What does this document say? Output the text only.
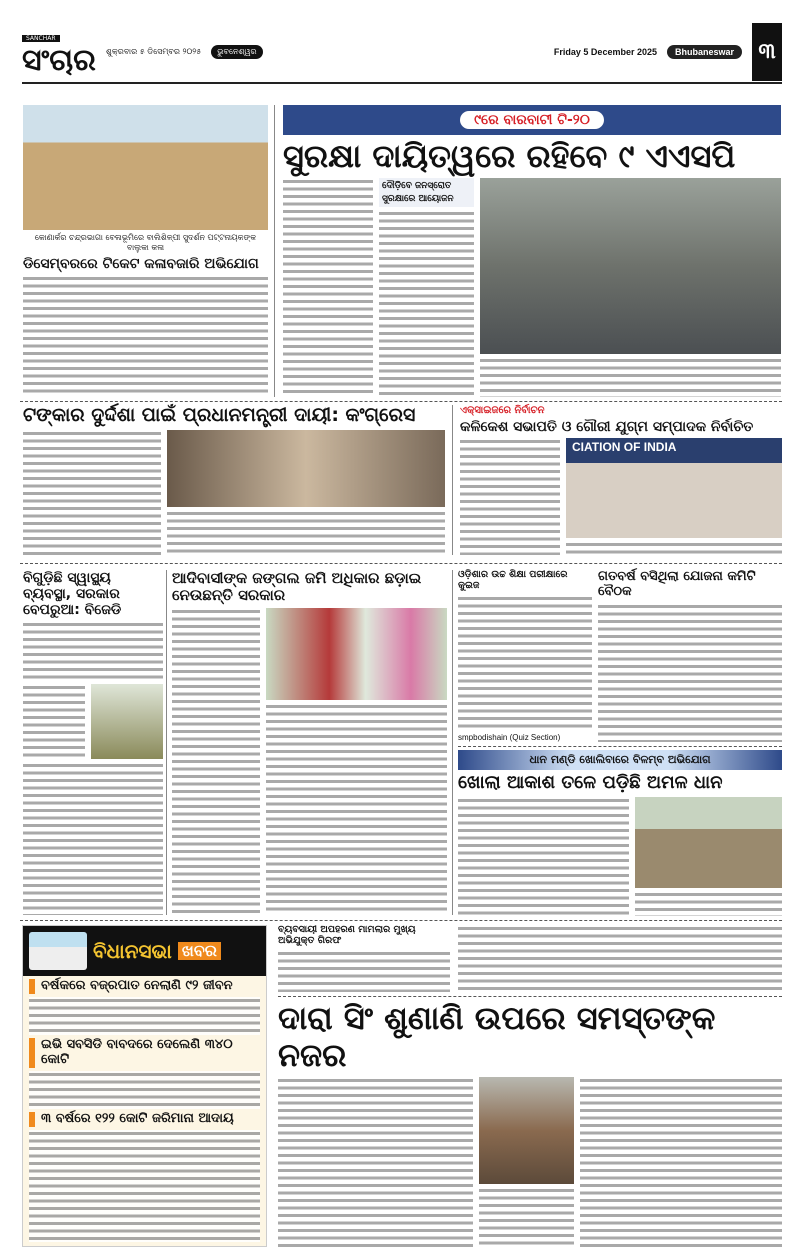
SANCHAR
ସଂଚାର ଶୁକ୍ରବାର ୫ ଡିସେମ୍ବର ୨୦୨୫	ଭୁବନେଶ୍ୱର	Friday 5 December 2025	Bhubaneswar	୩
କୋଣାର୍କର ଚନ୍ଦ୍ରଭାଗା ବେଳାଭୂମିରେ ବାଲିଶିଳ୍ପୀ ସୁଦର୍ଶନ ପଟ୍ଟନାୟକଙ୍କ ବାଲୁକା କଳା
ଡିସେମ୍ବରରେ ଟିକେଟ କଳାବଜାରି ଅଭିଯୋଗ
୯ରେ ବାରବାଟୀ ଟି-୨୦
ସୁରକ୍ଷା ଦାୟିତ୍ୱରେ ରହିବେ ୯ ଏଏସପି
ଦୌଡ଼ିବେ ଜନସ୍ରୋତ
ସୁରକ୍ଷାରେ ଆୟୋଜନ
ଟଙ୍କାର ଦୁର୍ଦ୍ଦଶା ପାଇଁ ପ୍ରଧାନମନ୍ତ୍ରୀ ଦାୟୀ: କଂଗ୍ରେସ	ଏକ୍ସାଇଜରେ ନିର୍ବାଚନ
କଳିକେଶ ସଭାପତି ଓ ଗୌରୀ ଯୁଗ୍ମ ସମ୍ପାଦକ ନିର୍ବାଚିତ
CIATION OF INDIA
ବିଗୁଡ଼ିଛି ସ୍ୱାସ୍ଥ୍ୟ ବ୍ୟବସ୍ଥା, ସରକାର ବେପରୁଆ: ବିଜେଡି
ଆଦିବାସୀଙ୍କ ଜଙ୍ଗଲ ଜମି ଅଧିକାର ଛଡ଼ାଇ ନେଉଛନ୍ତି ସରକାର
ଓଡ଼ିଶାର ଉଚ୍ଚ ଶିକ୍ଷା ପରୀକ୍ଷାରେ କୁଇଜ
smpbodishain (Quiz Section)
ଗତବର୍ଷ ବସିଥିଲା ଯୋଜନା କମିଟି ବୈଠକ
ଧାନ ମଣ୍ଡି ଖୋଲିବାରେ ବିଳମ୍ବ ଅଭିଯୋଗ
ଖୋଲା ଆକାଶ ତଳେ ପଡ଼ିଛି ଅମଳ ଧାନ
ବିଧାନସଭା ଖବର
ବର୍ଷକରେ ବଜ୍ରପାତ ନେଲାଣି ୯୨ ଜୀବନ
ଇଭି ସବସିଡି ବାବଦରେ ଦେଲେଣି ୩୪୦ କୋଟି
୩ ବର୍ଷରେ ୧୨୨ କୋଟି ଜରିମାନା ଆଦାୟ
ବ୍ୟବସାୟୀ ଅପହରଣ ମାମଲାର ମୁଖ୍ୟ ଅଭିଯୁକ୍ତ ଗିରଫ
ଦାରା ସିଂ ଶୁଣାଣି ଉପରେ ସମସ୍ତଙ୍କ ନଜର
